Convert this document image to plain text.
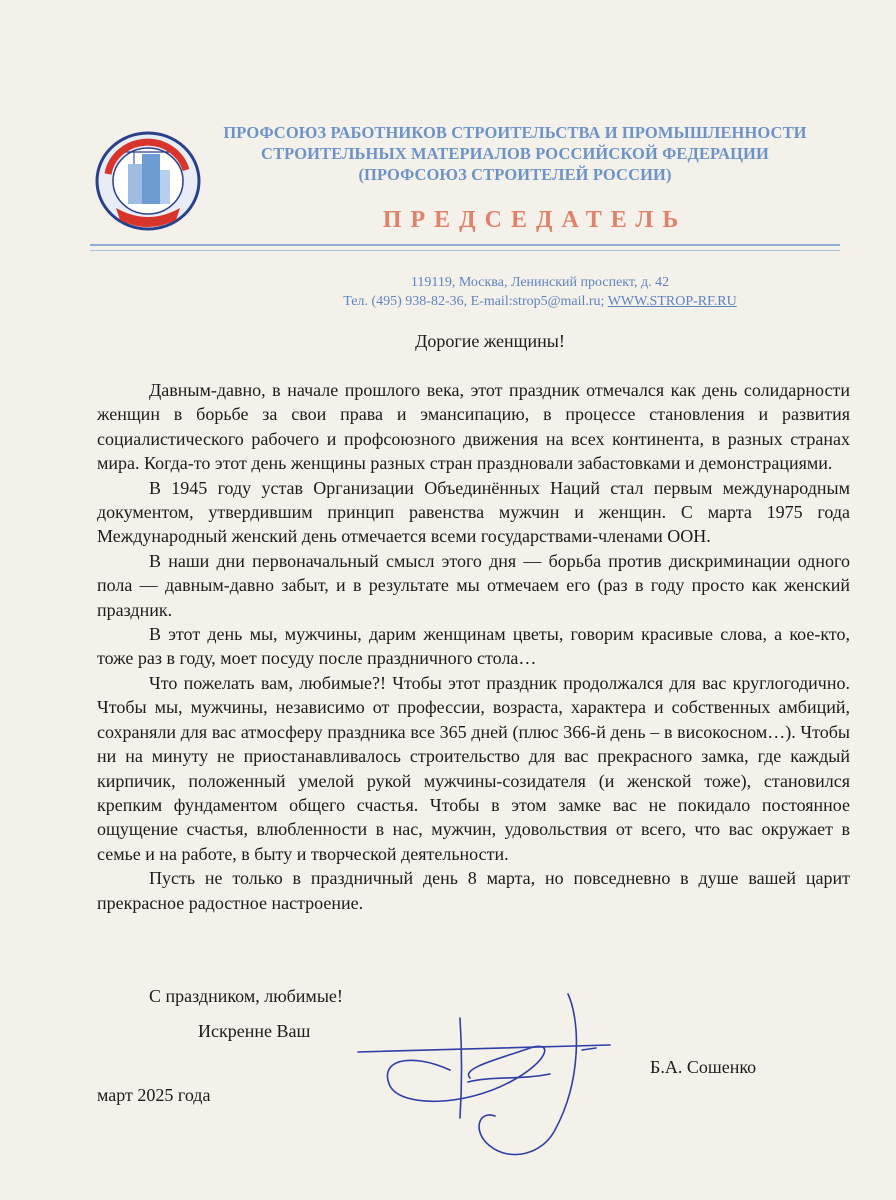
ПРОФСОЮЗ РАБОТНИКОВ СТРОИТЕЛЬСТВА И ПРОМЫШЛЕННОСТИ
СТРОИТЕЛЬНЫХ МАТЕРИАЛОВ РОССИЙСКОЙ ФЕДЕРАЦИИ
(ПРОФСОЮЗ СТРОИТЕЛЕЙ РОССИИ)
ПРЕДСЕДАТЕЛЬ
119119, Москва, Ленинский проспект, д. 42
Тел. (495) 938-82-36, E-mail:strop5@mail.ru; WWW.STROP-RF.RU
Дорогие женщины!

Давным-давно, в начале прошлого века, этот праздник отмечался как день солидарности женщин в борьбе за свои права и эмансипацию, в процессе становления и развития социалистического рабочего и профсоюзного движения на всех континента, в разных странах мира. Когда-то этот день женщины разных стран праздновали забастовками и демонстрациями.

В 1945 году устав Организации Объединённых Наций стал первым международным документом, утвердившим принцип равенства мужчин и женщин. С марта 1975 года Международный женский день отмечается всеми государствами-членами ООН.

В наши дни первоначальный смысл этого дня — борьба против дискриминации одного пола — давным-давно забыт, и в результате мы отмечаем его (раз в году просто как женский праздник.

В этот день мы, мужчины, дарим женщинам цветы, говорим красивые слова, а кое-кто, тоже раз в году, моет посуду после праздничного стола…

Что пожелать вам, любимые?! Чтобы этот праздник продолжался для вас круглогодично. Чтобы мы, мужчины, независимо от профессии, возраста, характера и собственных амбиций, сохраняли для вас атмосферу праздника все 365 дней (плюс 366-й день – в високосном…). Чтобы ни на минуту не приостанавливалось строительство для вас прекрасного замка, где каждый кирпичик, положенный умелой рукой мужчины-созидателя (и женской тоже), становился крепким фундаментом общего счастья. Чтобы в этом замке вас не покидало постоянное ощущение счастья, влюбленности в нас, мужчин, удовольствия от всего, что вас окружает в семье и на работе, в быту и творческой деятельности.

Пусть не только в праздничный день 8 марта, но повседневно в душе вашей царит прекрасное радостное настроение.

С праздником, любимые!
Искренне Ваш
Б.А. Сошенко
март 2025 года
